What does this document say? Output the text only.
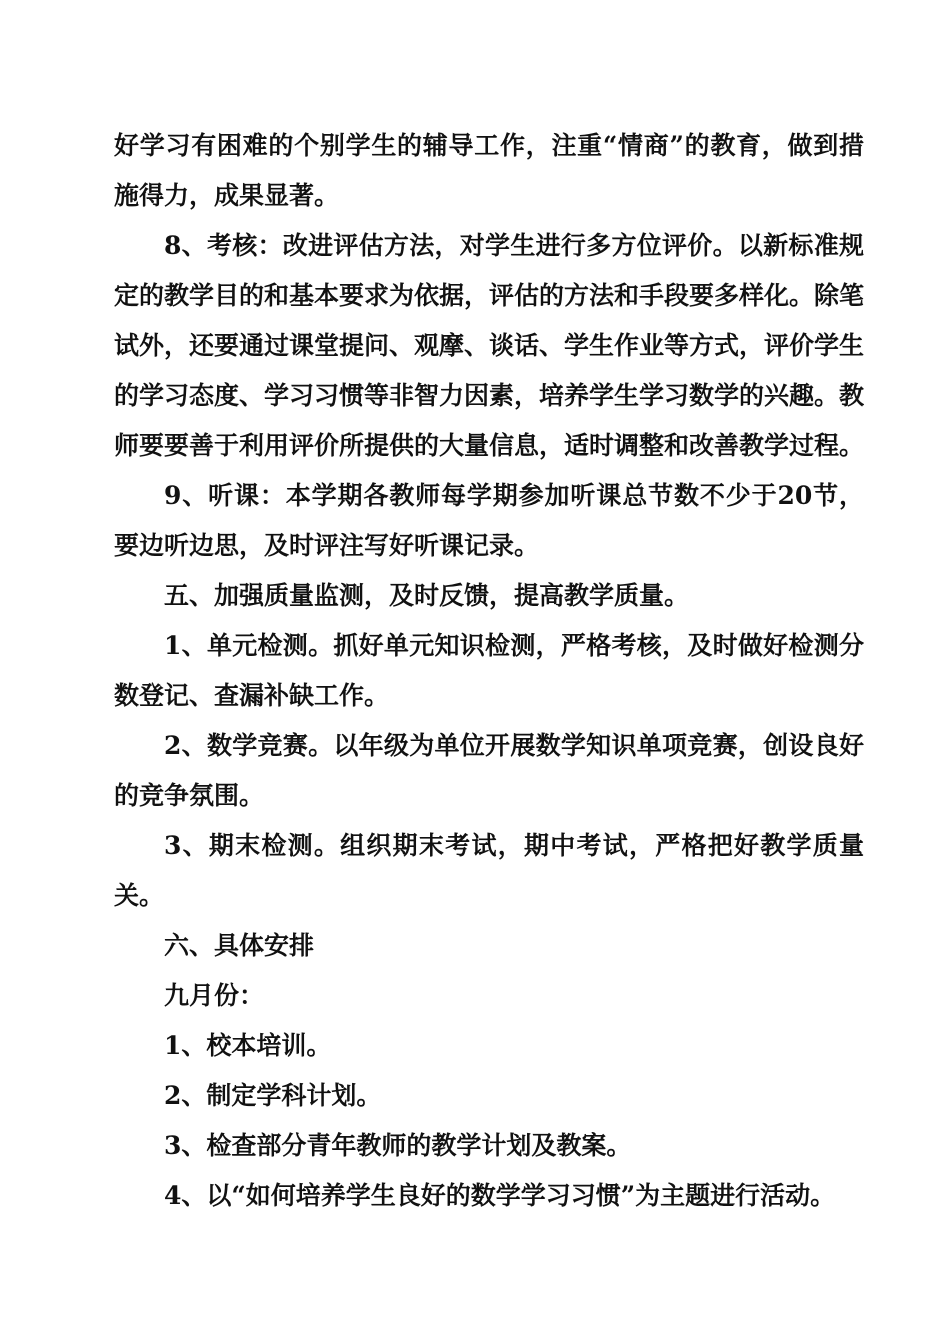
好学习有困难的个别学生的辅导工作，注重“情商”的教育，做到措施得力，成果显著。

8、考核：改进评估方法，对学生进行多方位评价。以新标准规定的教学目的和基本要求为依据，评估的方法和手段要多样化。除笔试外，还要通过课堂提问、观摩、谈话、学生作业等方式，评价学生的学习态度、学习习惯等非智力因素，培养学生学习数学的兴趣。教师要要善于利用评价所提供的大量信息，适时调整和改善教学过程。

9、听课：本学期各教师每学期参加听课总节数不少于20节，要边听边思，及时评注写好听课记录。

五、加强质量监测，及时反馈，提高教学质量。

1、单元检测。抓好单元知识检测，严格考核，及时做好检测分数登记、查漏补缺工作。

2、数学竞赛。以年级为单位开展数学知识单项竞赛，创设良好的竞争氛围。

3、期末检测。组织期末考试，期中考试，严格把好教学质量关。

六、具体安排

九月份：

1、校本培训。

2、制定学科计划。

3、检查部分青年教师的教学计划及教案。

4、以“如何培养学生良好的数学学习习惯”为主题进行活动。
